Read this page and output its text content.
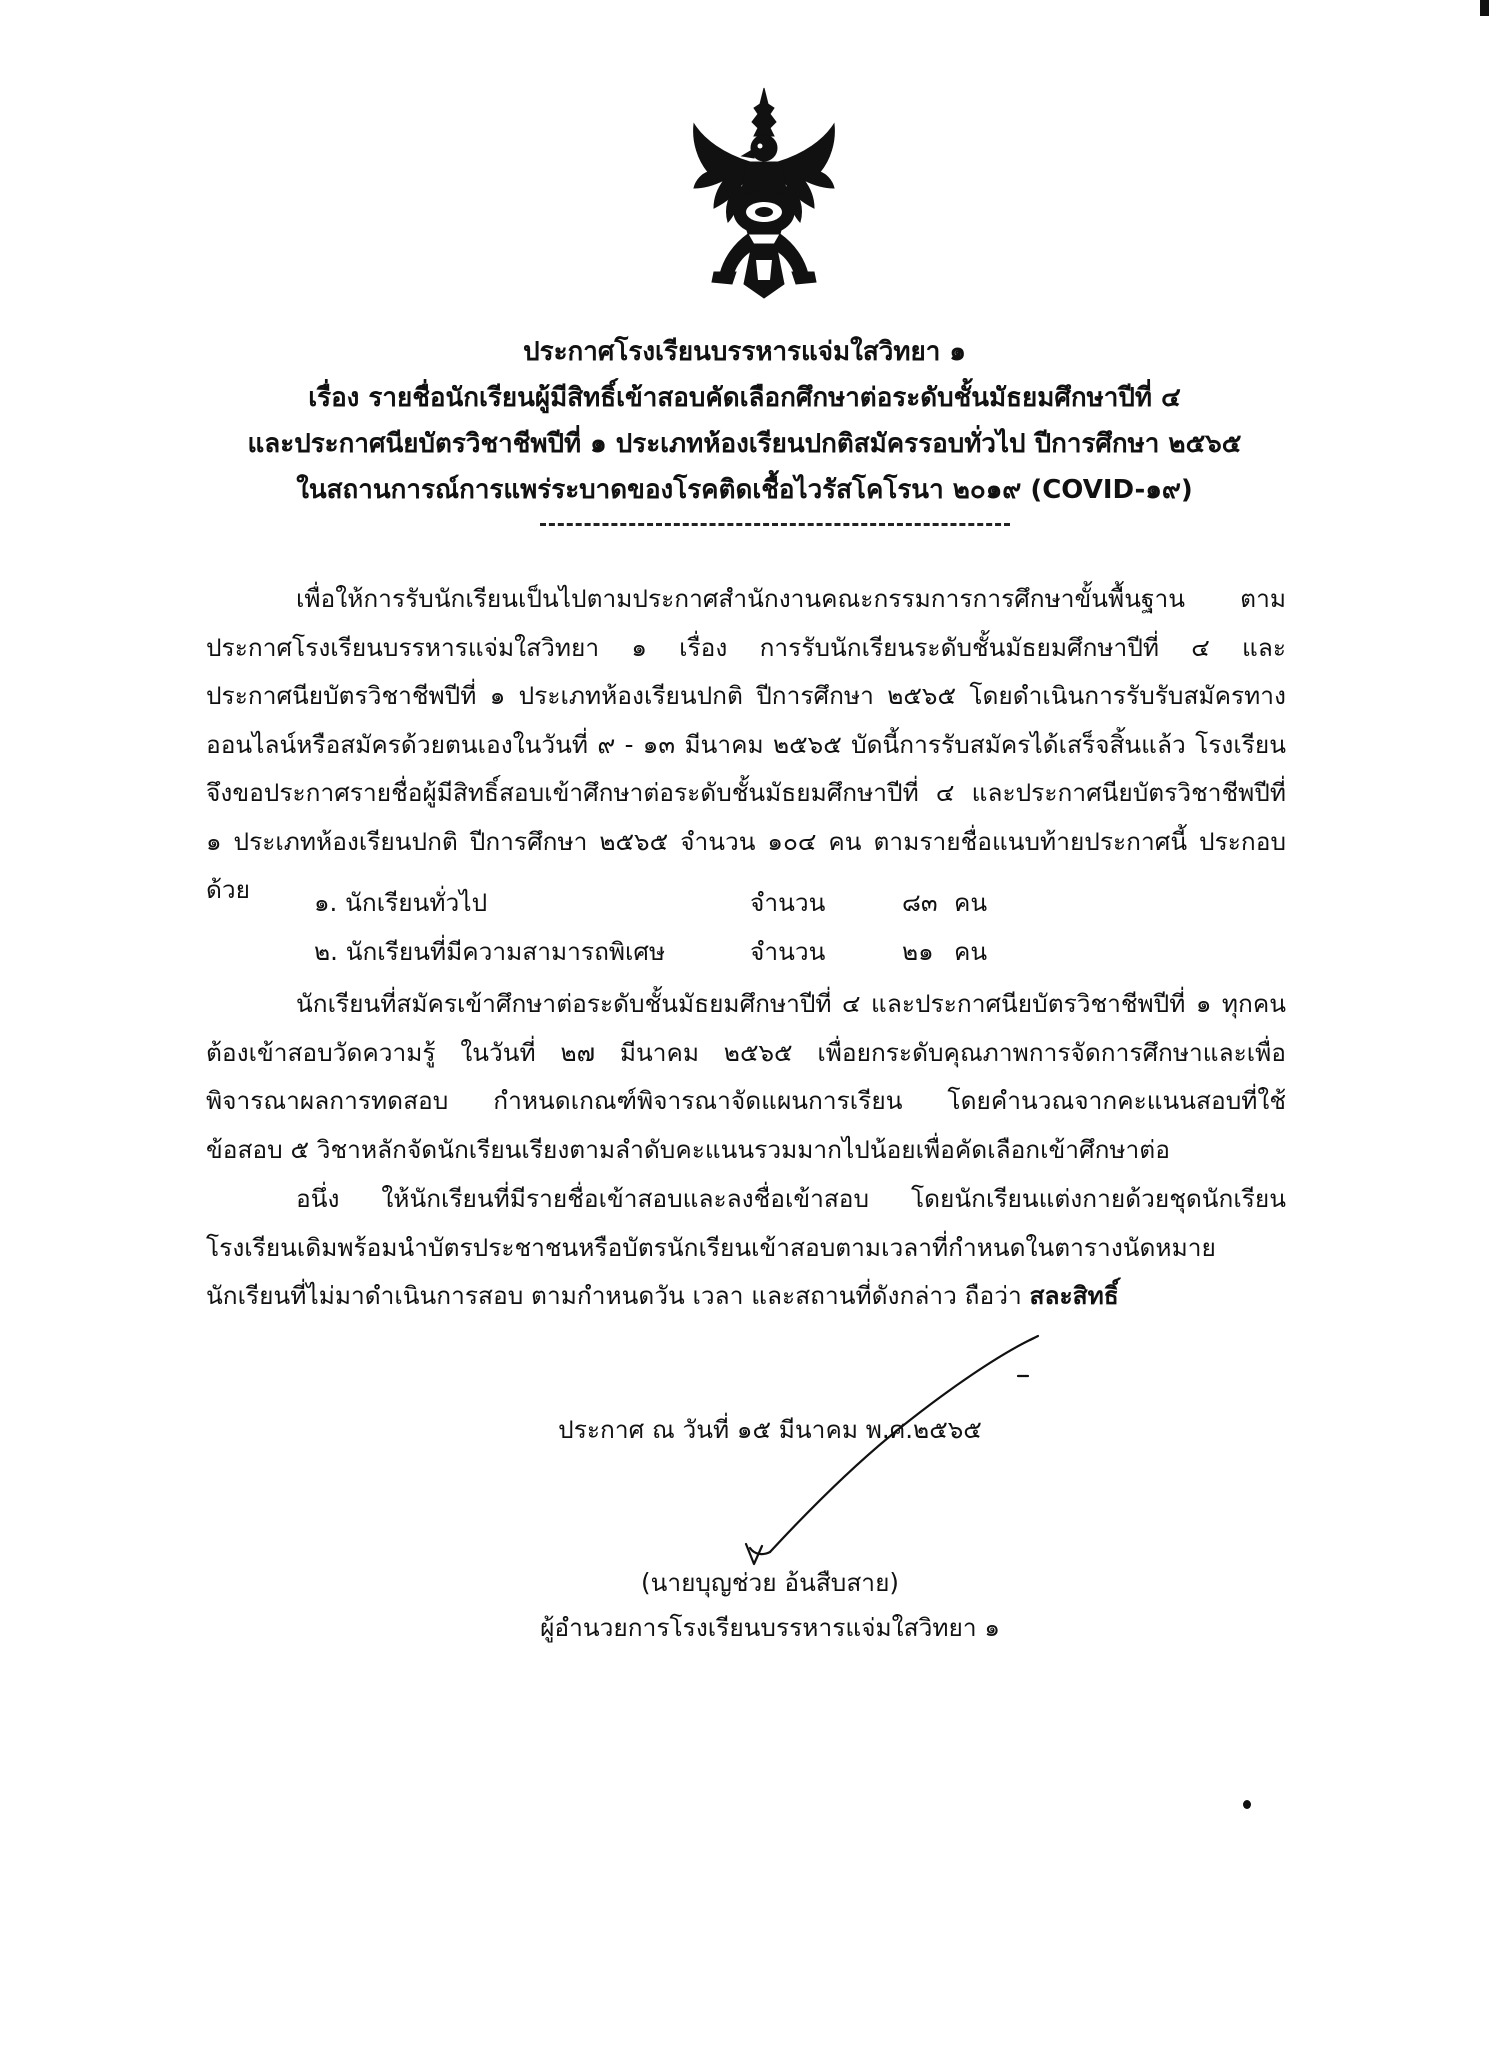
ประกาศโรงเรียนบรรหารแจ่มใสวิทยา ๑

เรื่อง รายชื่อนักเรียนผู้มีสิทธิ์เข้าสอบคัดเลือกศึกษาต่อระดับชั้นมัธยมศึกษาปีที่ ๔

และประกาศนียบัตรวิชาชีพปีที่ ๑ ประเภทห้องเรียนปกติสมัครรอบทั่วไป ปีการศึกษา ๒๕๖๕

ในสถานการณ์การแพร่ระบาดของโรคติดเชื้อไวรัสโคโรนา ๒๐๑๙ (COVID-๑๙)

เพื่อให้การรับนักเรียนเป็นไปตามประกาศสำนักงานคณะกรรมการการศึกษาขั้นพื้นฐาน ตามประกาศโรงเรียนบรรหารแจ่มใสวิทยา ๑ เรื่อง การรับนักเรียนระดับชั้นมัธยมศึกษาปีที่ ๔ และประกาศนียบัตรวิชาชีพปีที่ ๑ ประเภทห้องเรียนปกติ ปีการศึกษา ๒๕๖๕ โดยดำเนินการรับรับสมัครทางออนไลน์หรือสมัครด้วยตนเองในวันที่ ๙ - ๑๓ มีนาคม ๒๕๖๕ บัดนี้การรับสมัครได้เสร็จสิ้นแล้ว โรงเรียนจึงขอประกาศรายชื่อผู้มีสิทธิ์สอบเข้าศึกษาต่อระดับชั้นมัธยมศึกษาปีที่ ๔ และประกาศนียบัตรวิชาชีพปีที่ ๑ ประเภทห้องเรียนปกติ ปีการศึกษา ๒๕๖๕ จำนวน ๑๐๔ คน ตามรายชื่อแนบท้ายประกาศนี้ ประกอบด้วย	๑. นักเรียนทั่วไป	จำนวน	๘๓ คน
๒. นักเรียนที่มีความสามารถพิเศษ	จำนวน	๒๑ คน

นักเรียนที่สมัครเข้าศึกษาต่อระดับชั้นมัธยมศึกษาปีที่ ๔ และประกาศนียบัตรวิชาชีพปีที่ ๑ ทุกคน ต้องเข้าสอบวัดความรู้ ในวันที่ ๒๗ มีนาคม ๒๕๖๕ เพื่อยกระดับคุณภาพการจัดการศึกษาและเพื่อพิจารณาผลการทดสอบ กำหนดเกณฑ์พิจารณาจัดแผนการเรียน โดยคำนวณจากคะแนนสอบที่ใช้ข้อสอบ ๕ วิชาหลักจัดนักเรียนเรียงตามลำดับคะแนนรวมมากไปน้อยเพื่อคัดเลือกเข้าศึกษาต่อ

อนึ่ง ให้นักเรียนที่มีรายชื่อเข้าสอบและลงชื่อเข้าสอบ โดยนักเรียนแต่งกายด้วยชุดนักเรียนโรงเรียนเดิมพร้อมนำบัตรประชาชนหรือบัตรนักเรียนเข้าสอบตามเวลาที่กำหนดในตารางนัดหมาย นักเรียนที่ไม่มาดำเนินการสอบ ตามกำหนดวัน เวลา และสถานที่ดังกล่าว ถือว่า สละสิทธิ์

ประกาศ ณ วันที่ ๑๕ มีนาคม พ.ศ.๒๕๖๕
(นายบุญช่วย อ้นสืบสาย)
ผู้อำนวยการโรงเรียนบรรหารแจ่มใสวิทยา ๑
